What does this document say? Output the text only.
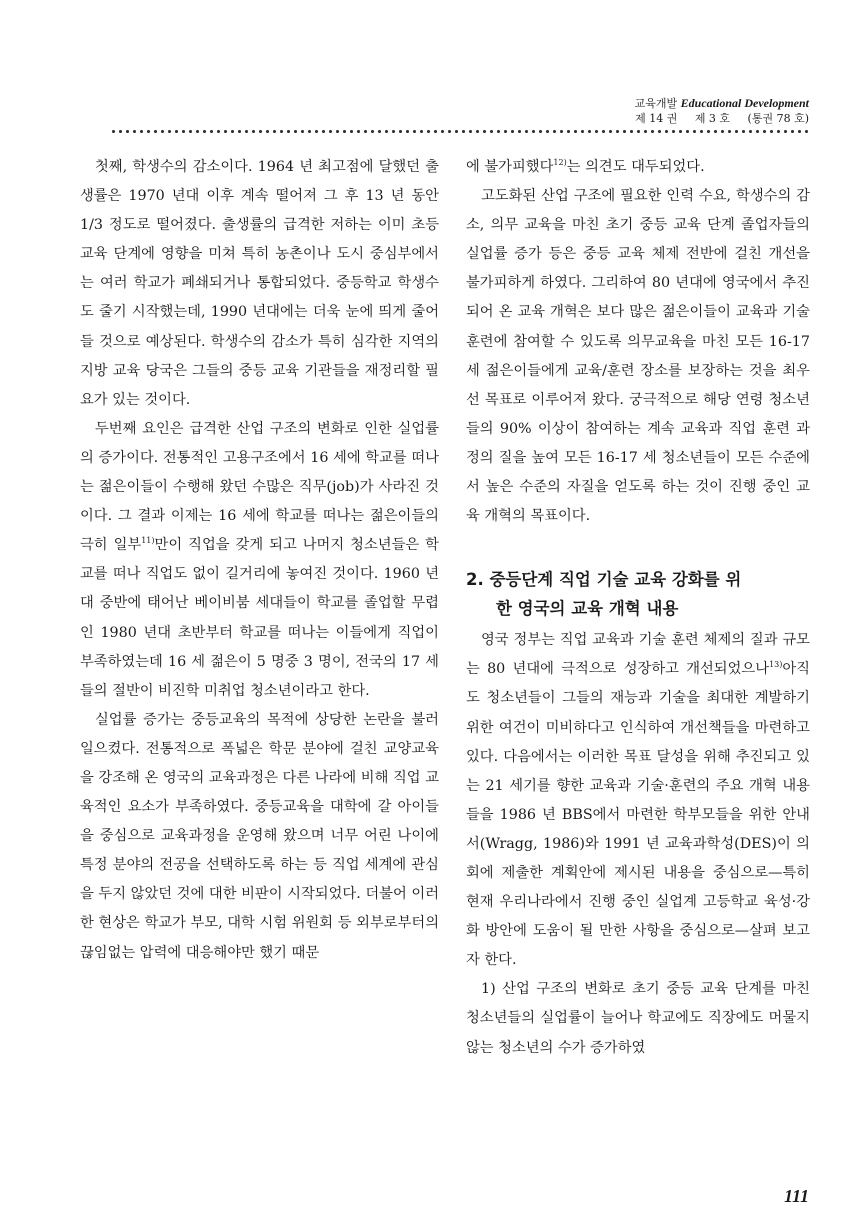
교육개발 Educational Development
제 14 권 제 3 호 (통권 78 호)

첫째, 학생수의 감소이다. 1964 년 최고점에 달했던 출생률은 1970 년대 이후 계속 떨어져 그 후 13 년 동안 1/3 정도로 떨어졌다. 출생률의 급격한 저하는 이미 초등교육 단계에 영향을 미쳐 특히 농촌이나 도시 중심부에서는 여러 학교가 폐쇄되거나 통합되었다. 중등학교 학생수도 줄기 시작했는데, 1990 년대에는 더욱 눈에 띄게 줄어들 것으로 예상된다. 학생수의 감소가 특히 심각한 지역의 지방 교육 당국은 그들의 중등 교육 기관들을 재정리할 필요가 있는 것이다.

두번째 요인은 급격한 산업 구조의 변화로 인한 실업률의 증가이다. 전통적인 고용구조에서 16 세에 학교를 떠나는 젊은이들이 수행해 왔던 수많은 직무(job)가 사라진 것이다. 그 결과 이제는 16 세에 학교를 떠나는 젊은이들의 극히 일부$^{11)}$만이 직업을 갖게 되고 나머지 청소년들은 학교를 떠나 직업도 없이 길거리에 놓여진 것이다. 1960 년대 중반에 태어난 베이비붐 세대들이 학교를 졸업할 무렵인 1980 년대 초반부터 학교를 떠나는 이들에게 직업이 부족하였는데 16 세 젊은이 5 명중 3 명이, 전국의 17 세들의 절반이 비진학 미취업 청소년이라고 한다.

실업률 증가는 중등교육의 목적에 상당한 논란을 불러일으켰다. 전통적으로 폭넓은 학문 분야에 걸친 교양교육을 강조해 온 영국의 교육과정은 다른 나라에 비해 직업 교육적인 요소가 부족하였다. 중등교육을 대학에 갈 아이들을 중심으로 교육과정을 운영해 왔으며 너무 어린 나이에 특정 분야의 전공을 선택하도록 하는 등 직업 세계에 관심을 두지 않았던 것에 대한 비판이 시작되었다. 더불어 이러한 현상은 학교가 부모, 대학 시험 위원회 등 외부로부터의 끊임없는 압력에 대응해야만 했기 때문

에 불가피했다$^{12)}$는 의견도 대두되었다.

고도화된 산업 구조에 필요한 인력 수요, 학생수의 감소, 의무 교육을 마친 초기 중등 교육 단계 졸업자들의 실업률 증가 등은 중등 교육 체제 전반에 걸친 개선을 불가피하게 하였다. 그리하여 80 년대에 영국에서 추진되어 온 교육 개혁은 보다 많은 젊은이들이 교육과 기술 훈련에 참여할 수 있도록 의무교육을 마친 모든 16-17 세 젊은이들에게 교육/훈련 장소를 보장하는 것을 최우선 목표로 이루어져 왔다. 궁극적으로 해당 연령 청소년들의 90% 이상이 참여하는 계속 교육과 직업 훈련 과정의 질을 높여 모든 16-17 세 청소년들이 모든 수준에서 높은 수준의 자질을 얻도록 하는 것이 진행 중인 교육 개혁의 목표이다.

2. 중등단계 직업 기술 교육 강화를 위
한 영국의 교육 개혁 내용

영국 정부는 직업 교육과 기술 훈련 체제의 질과 규모는 80 년대에 극적으로 성장하고 개선되었으나$^{13)}$아직도 청소년들이 그들의 재능과 기술을 최대한 계발하기 위한 여건이 미비하다고 인식하여 개선책들을 마련하고 있다. 다음에서는 이러한 목표 달성을 위해 추진되고 있는 21 세기를 향한 교육과 기술·훈련의 주요 개혁 내용들을 1986 년 BBS에서 마련한 학부모들을 위한 안내서(Wragg, 1986)와 1991 년 교육과학성(DES)이 의회에 제출한 계획안에 제시된 내용을 중심으로—특히 현재 우리나라에서 진행 중인 실업계 고등학교 육성·강화 방안에 도움이 될 만한 사항을 중심으로—살펴 보고자 한다.

1) 산업 구조의 변화로 초기 중등 교육 단계를 마친 청소년들의 실업률이 늘어나 학교에도 직장에도 머물지 않는 청소년의 수가 증가하였

111
